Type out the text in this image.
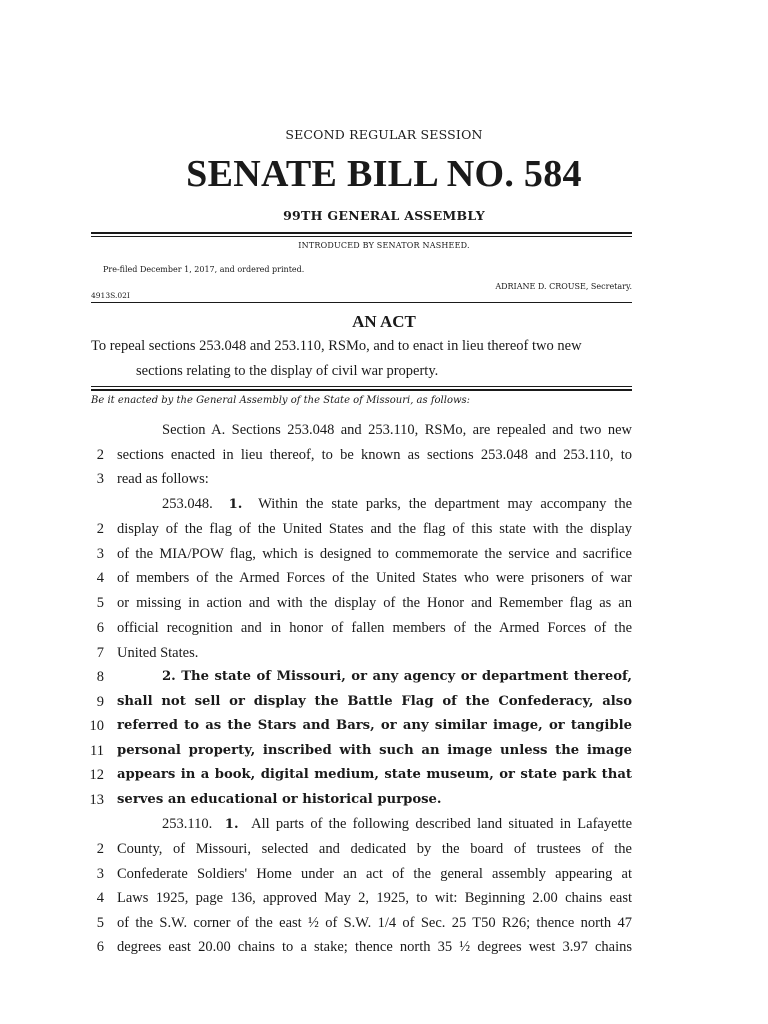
SECOND REGULAR SESSION
SENATE BILL NO. 584
99TH GENERAL ASSEMBLY
INTRODUCED BY SENATOR NASHEED.
Pre-filed December 1, 2017, and ordered printed.
ADRIANE D. CROUSE, Secretary.
4913S.02I
AN ACT
To repeal sections 253.048 and 253.110, RSMo, and to enact in lieu thereof two new
sections relating to the display of civil war property.
Be it enacted by the General Assembly of the State of Missouri, as follows:
Section A. Sections 253.048 and 253.110, RSMo, are repealed and two new
2 sections enacted in lieu thereof, to be known as sections 253.048 and 253.110, to
3 read as follows:
253.048. 1. Within the state parks, the department may accompany the
2 display of the flag of the United States and the flag of this state with the display
3 of the MIA/POW flag, which is designed to commemorate the service and sacrifice
4 of members of the Armed Forces of the United States who were prisoners of war
5 or missing in action and with the display of the Honor and Remember flag as an
6 official recognition and in honor of fallen members of the Armed Forces of the
7 United States.
8	2. The state of Missouri, or any agency or department thereof,
9 shall not sell or display the Battle Flag of the Confederacy, also
10 referred to as the Stars and Bars, or any similar image, or tangible
11 personal property, inscribed with such an image unless the image
12 appears in a book, digital medium, state museum, or state park that
13 serves an educational or historical purpose.
253.110. 1. All parts of the following described land situated in Lafayette
2 County, of Missouri, selected and dedicated by the board of trustees of the
3 Confederate Soldiers' Home under an act of the general assembly appearing at
4 Laws 1925, page 136, approved May 2, 1925, to wit: Beginning 2.00 chains east
5 of the S.W. corner of the east ½ of S.W. 1/4 of Sec. 25 T50 R26; thence north 47
6 degrees east 20.00 chains to a stake; thence north 35 ½ degrees west 3.97 chains
